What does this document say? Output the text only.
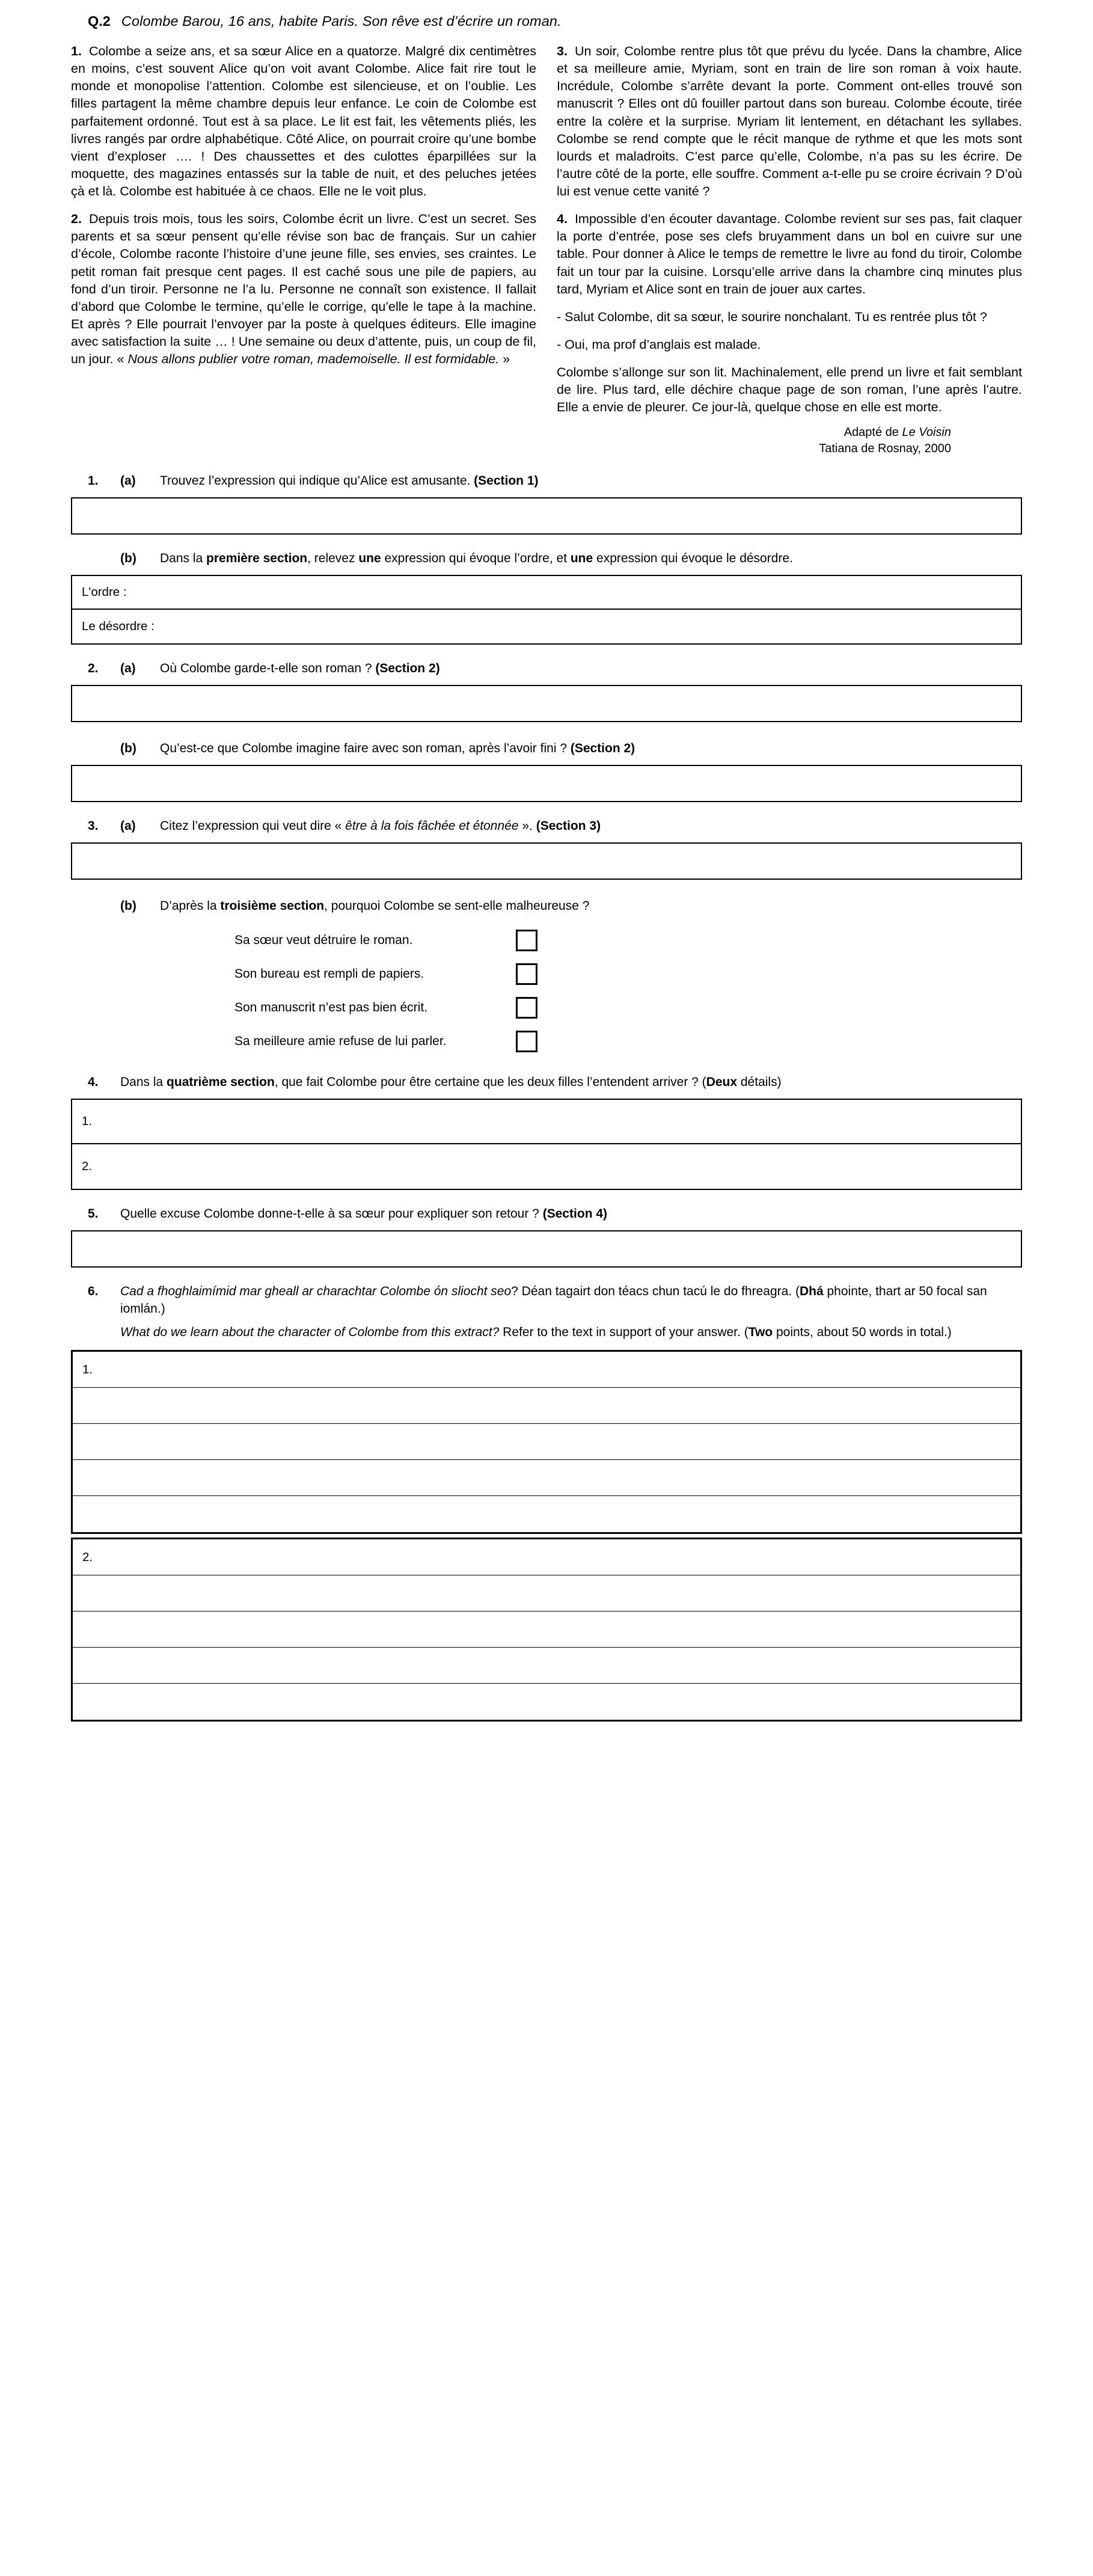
Q.2 Colombe Barou, 16 ans, habite Paris. Son rêve est d’écrire un roman.

1. Colombe a seize ans, et sa sœur Alice en a quatorze. Malgré dix centimètres en moins, c’est souvent Alice qu’on voit avant Colombe. Alice fait rire tout le monde et monopolise l’attention. Colombe est silencieuse, et on l’oublie. Les filles partagent la même chambre depuis leur enfance. Le coin de Colombe est parfaitement ordonné. Tout est à sa place. Le lit est fait, les vêtements pliés, les livres rangés par ordre alphabétique. Côté Alice, on pourrait croire qu’une bombe vient d’exploser …. ! Des chaussettes et des culottes éparpillées sur la moquette, des magazines entassés sur la table de nuit, et des peluches jetées çà et là. Colombe est habituée à ce chaos. Elle ne le voit plus.

2. Depuis trois mois, tous les soirs, Colombe écrit un livre. C’est un secret. Ses parents et sa sœur pensent qu’elle révise son bac de français. Sur un cahier d’école, Colombe raconte l’histoire d’une jeune fille, ses envies, ses craintes. Le petit roman fait presque cent pages. Il est caché sous une pile de papiers, au fond d’un tiroir. Personne ne l’a lu. Personne ne connaît son existence. Il fallait d’abord que Colombe le termine, qu’elle le corrige, qu’elle le tape à la machine. Et après ? Elle pourrait l’envoyer par la poste à quelques éditeurs. Elle imagine avec satisfaction la suite … ! Une semaine ou deux d’attente, puis, un coup de fil, un jour. « Nous allons publier votre roman, mademoiselle. Il est formidable. »

3. Un soir, Colombe rentre plus tôt que prévu du lycée. Dans la chambre, Alice et sa meilleure amie, Myriam, sont en train de lire son roman à voix haute. Incrédule, Colombe s’arrête devant la porte. Comment ont-elles trouvé son manuscrit ? Elles ont dû fouiller partout dans son bureau. Colombe écoute, tirée entre la colère et la surprise. Myriam lit lentement, en détachant les syllabes. Colombe se rend compte que le récit manque de rythme et que les mots sont lourds et maladroits. C’est parce qu’elle, Colombe, n’a pas su les écrire. De l’autre côté de la porte, elle souffre. Comment a-t-elle pu se croire écrivain ? D’où lui est venue cette vanité ?

4. Impossible d’en écouter davantage. Colombe revient sur ses pas, fait claquer la porte d’entrée, pose ses clefs bruyamment dans un bol en cuivre sur une table. Pour donner à Alice le temps de remettre le livre au fond du tiroir, Colombe fait un tour par la cuisine. Lorsqu’elle arrive dans la chambre cinq minutes plus tard, Myriam et Alice sont en train de jouer aux cartes.

- Salut Colombe, dit sa sœur, le sourire nonchalant. Tu es rentrée plus tôt ?

- Oui, ma prof d’anglais est malade.

Colombe s’allonge sur son lit. Machinalement, elle prend un livre et fait semblant de lire. Plus tard, elle déchire chaque page de son roman, l’une après l’autre. Elle a envie de pleurer. Ce jour-là, quelque chose en elle est morte.

Adapté de Le Voisin
Tatiana de Rosnay, 2000
1.	(a)	Trouvez l’expression qui indique qu’Alice est amusante. (Section 1)
(b)	Dans la première section, relevez une expression qui évoque l’ordre, et une expression qui évoque le désordre.
L'ordre :
Le désordre :
2.	(a)	Où Colombe garde-t-elle son roman ? (Section 2)
(b)	Qu’est-ce que Colombe imagine faire avec son roman, après l’avoir fini ? (Section 2)
3.	(a)	Citez l’expression qui veut dire « être à la fois fâchée et étonnée ». (Section 3)
(b)	D’après la troisième section, pourquoi Colombe se sent-elle malheureuse ?
Sa sœur veut détruire le roman.
Son bureau est rempli de papiers.
Son manuscrit n’est pas bien écrit.
Sa meilleure amie refuse de lui parler.
4.	Dans la quatrième section, que fait Colombe pour être certaine que les deux filles l’entendent arriver ? (Deux détails)
1.
2.
5.	Quelle excuse Colombe donne-t-elle à sa sœur pour expliquer son retour ? (Section 4)
6.	Cad a fhoghlaimímid mar gheall ar charachtar Colombe ón sliocht seo? Déan tagairt don téacs chun tacú le do fhreagra. (Dhá phointe, thart ar 50 focal san iomlán.)
What do we learn about the character of Colombe from this extract? Refer to the text in support of your answer. (Two points, about 50 words in total.)
1.
2.
